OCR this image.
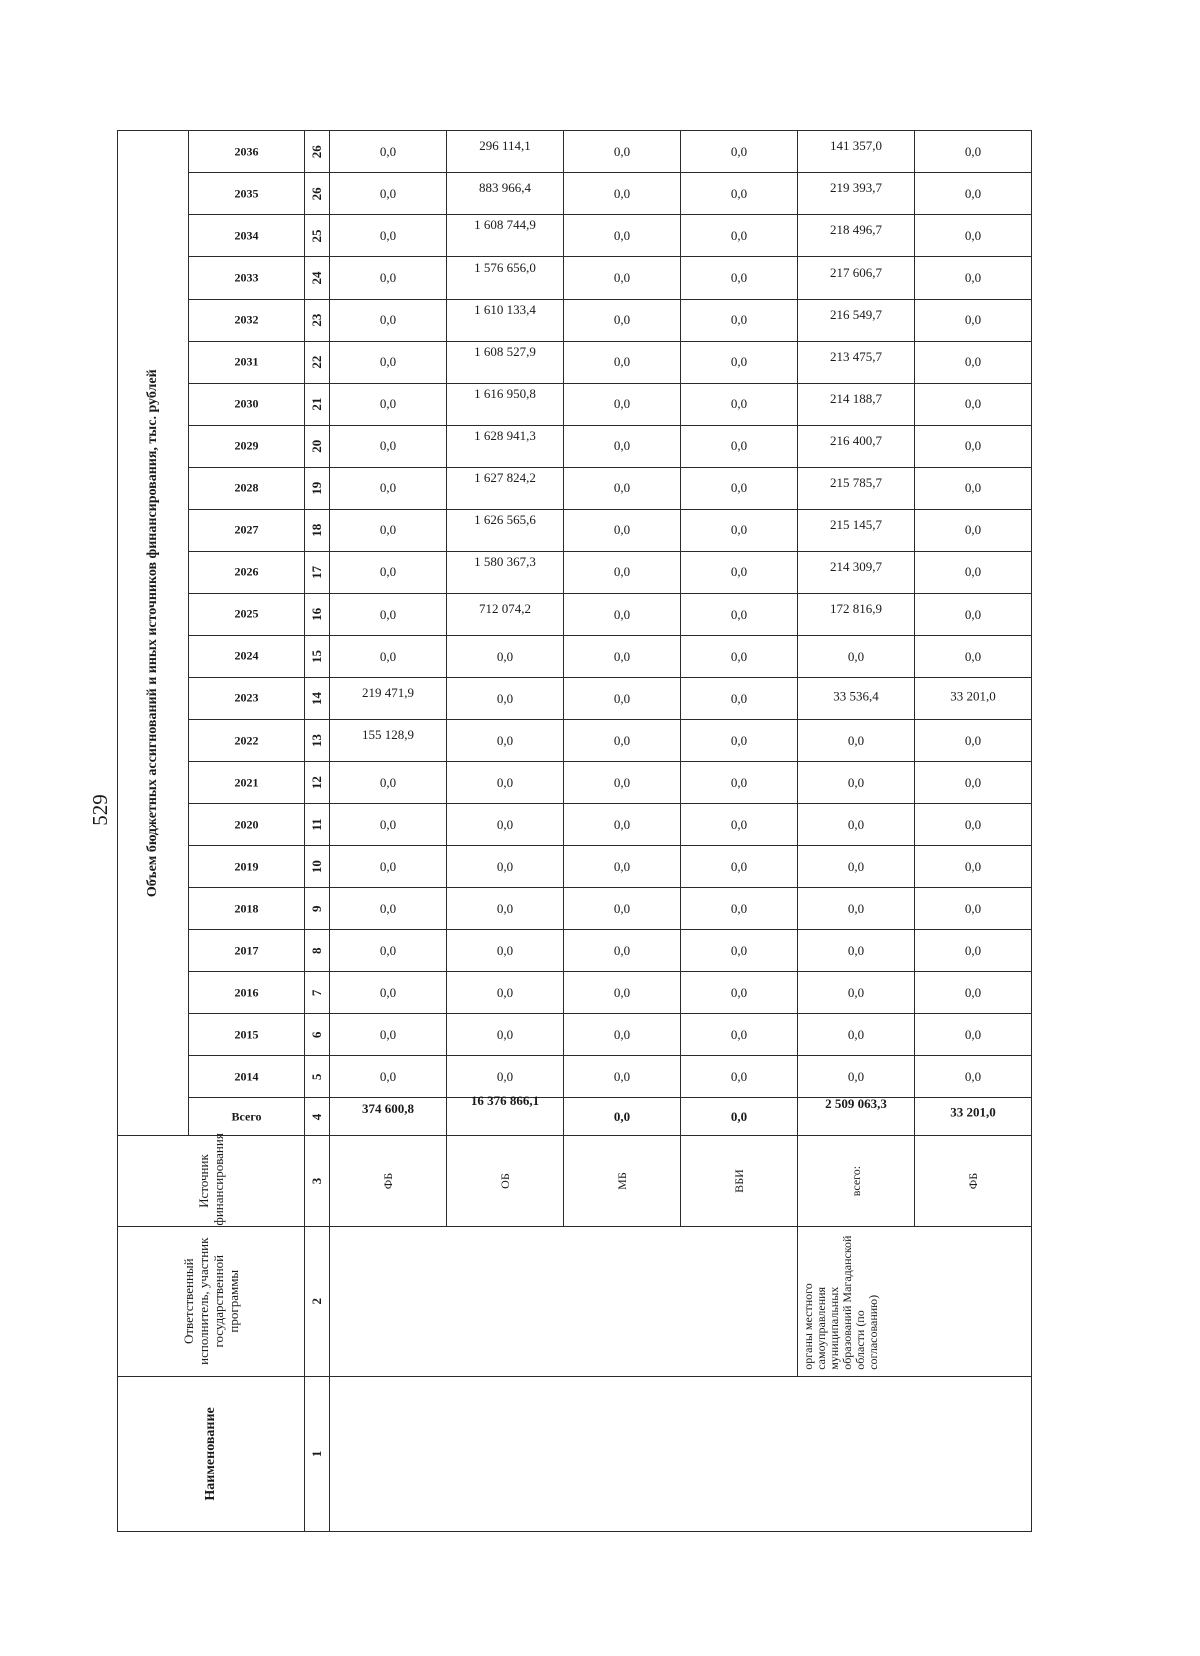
529
Наименование	Ответственный исполнитель, участник государственной программы	Источник финансирования	Объем бюджетных ассигнований и иных источников финансирования, тыс. рублей																							
			Всего	2014	2015	2016	2017	2018	2019	2020	2021	2022	2023	2024	2025	2026	2027	2028	2029	2030	2031	2032	2033	2034	2035	2036
1	2	3	4	5	6	7	8	9	10	11	12	13	14	15	16	17	18	19	20	21	22	23	24	25	26	26
		ФБ	374 600,8	0,0	0,0	0,0	0,0	0,0	0,0	0,0	0,0	155 128,9	219 471,9	0,0	0,0	0,0	0,0	0,0	0,0	0,0	0,0	0,0	0,0	0,0	0,0	0,0
		ОБ	16 376 866,1	0,0	0,0	0,0	0,0	0,0	0,0	0,0	0,0	0,0	0,0	0,0	712 074,2	1 580 367,3	1 626 565,6	1 627 824,2	1 628 941,3	1 616 950,8	1 608 527,9	1 610 133,4	1 576 656,0	1 608 744,9	883 966,4	296 114,1
		МБ	0,0	0,0	0,0	0,0	0,0	0,0	0,0	0,0	0,0	0,0	0,0	0,0	0,0	0,0	0,0	0,0	0,0	0,0	0,0	0,0	0,0	0,0	0,0	0,0
		ВБИ	0,0	0,0	0,0	0,0	0,0	0,0	0,0	0,0	0,0	0,0	0,0	0,0	0,0	0,0	0,0	0,0	0,0	0,0	0,0	0,0	0,0	0,0	0,0	0,0
	органы местного самоуправления муниципальных образований Магаданской области (по согласованию)	всего:	2 509 063,3	0,0	0,0	0,0	0,0	0,0	0,0	0,0	0,0	0,0	33 536,4	0,0	172 816,9	214 309,7	215 145,7	215 785,7	216 400,7	214 188,7	213 475,7	216 549,7	217 606,7	218 496,7	219 393,7	141 357,0
		ФБ	33 201,0	0,0	0,0	0,0	0,0	0,0	0,0	0,0	0,0	0,0	33 201,0	0,0	0,0	0,0	0,0	0,0	0,0	0,0	0,0	0,0	0,0	0,0	0,0	0,0
